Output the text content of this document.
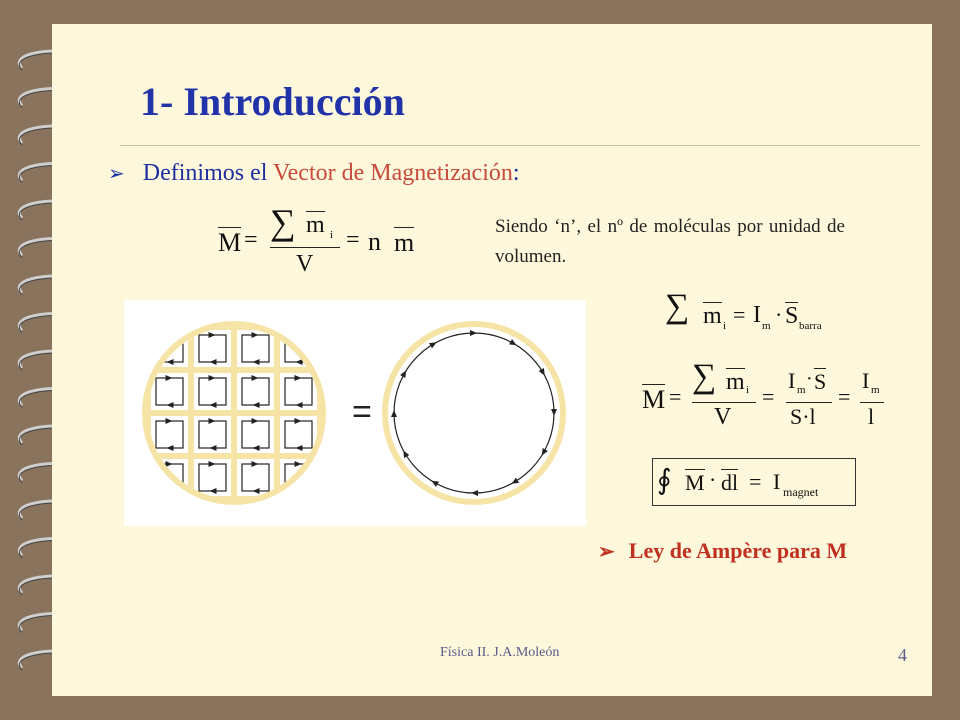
1- Introducción
➢ Definimos el Vector de Magnetización:
M = ∑ m i
V
= n m
Siendo ‘n’, el nº de moléculas por unidad de volumen.
=
∑ m i = I m · S barra
M =
∑ m i
V
=
I m · S
S·l
=
I m
l
∮ M · dl = I magnet
➢ Ley de Ampère para M
Física II. J.A.Moleón	4
